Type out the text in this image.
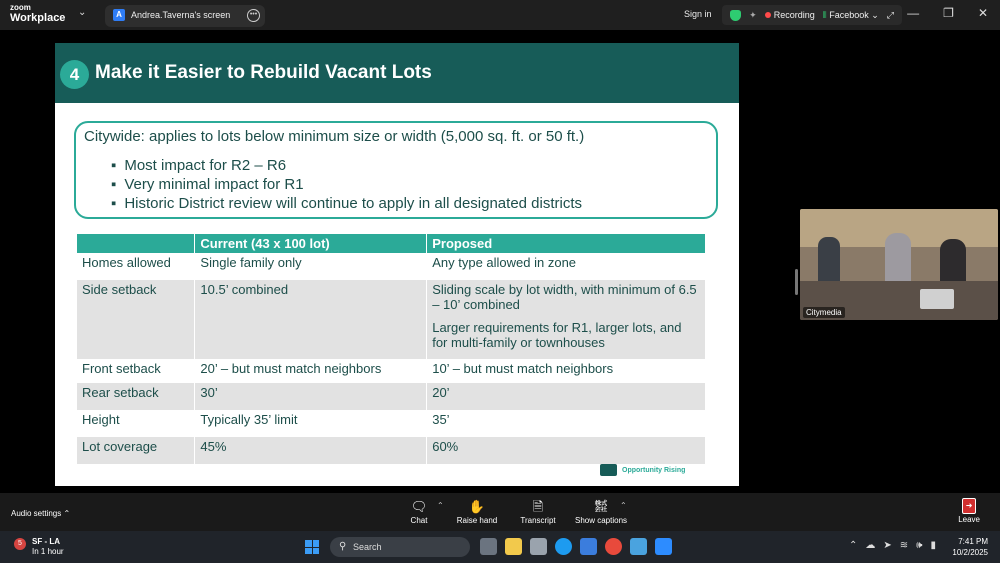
zoom
Workplace ⌄	A	Andrea.Taverna's screen	•••	Sign in	✦	Recording ⦀ Facebook ⌄ ⤢ — ❐ ✕
4 Make it Easier to Rebuild Vacant Lots
Citywide: applies to lots below minimum size or width (5,000 sq. ft. or 50 ft.)
▪ Most impact for R2 – R6
▪ Very minimal impact for R1
▪ Historic District review will continue to apply in all designated districts
	Current (43 x 100 lot)	Proposed
Homes allowed	Single family only	Any type allowed in zone
Side setback	10.5’ combined	Sliding scale by lot width, with minimum of 6.5 – 10’ combined
Larger requirements for R1, larger lots, and for multi-family or townhouses

Front setback	20’ – but must match neighbors	10’ – but must match neighbors
Rear setback	30’	20’
Height	Typically 35’ limit	35’
Lot coverage	45%	60%
Opportunity Rising
Citymedia
Audio settings ⌃	🗨
Chat
⌃	✋
Raise hand
🗎
Transcript
㍿
Show captions
⌃	➜
Leave
5	SF - LA
In 1 hour	⚲ Search	⌃ ☁ ➤ ≋ 🕪 ▮	7:41 PM
10/2/2025
